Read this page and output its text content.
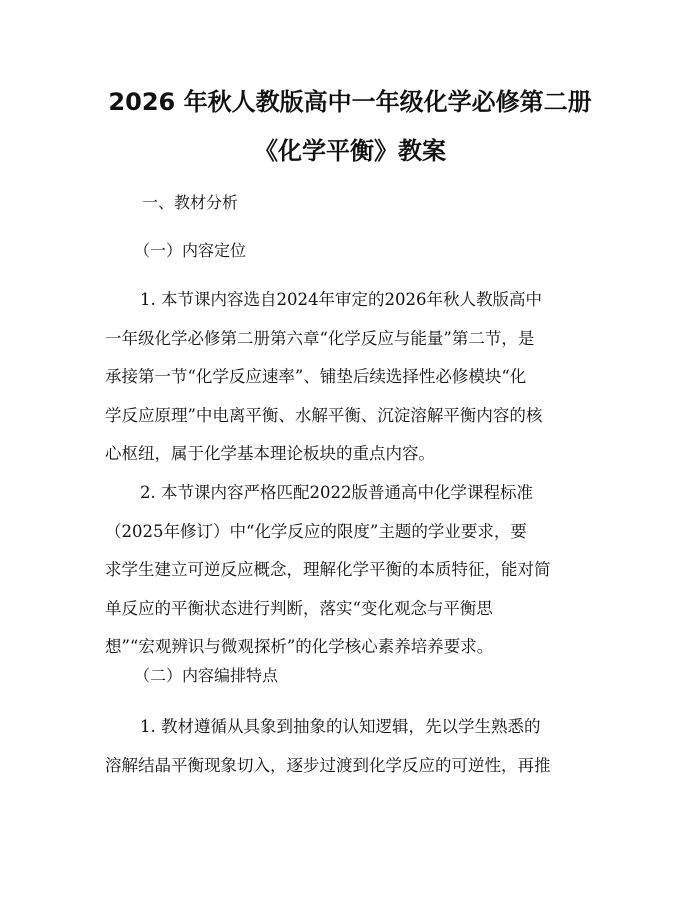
2026 年秋人教版高中一年级化学必修第二册
《化学平衡》教案
一、教材分析
（一）内容定位
1. 本节课内容选自2024年审定的2026年秋人教版高中
一年级化学必修第二册第六章“化学反应与能量”第二节，是
承接第一节“化学反应速率”、铺垫后续选择性必修模块“化
学反应原理”中电离平衡、水解平衡、沉淀溶解平衡内容的核
心枢纽，属于化学基本理论板块的重点内容。
2. 本节课内容严格匹配2022版普通高中化学课程标准
（2025年修订）中“化学反应的限度”主题的学业要求，要
求学生建立可逆反应概念，理解化学平衡的本质特征，能对简
单反应的平衡状态进行判断，落实“变化观念与平衡思
想”“宏观辨识与微观探析”的化学核心素养培养要求。
（二）内容编排特点
1. 教材遵循从具象到抽象的认知逻辑，先以学生熟悉的
溶解结晶平衡现象切入，逐步过渡到化学反应的可逆性，再推
